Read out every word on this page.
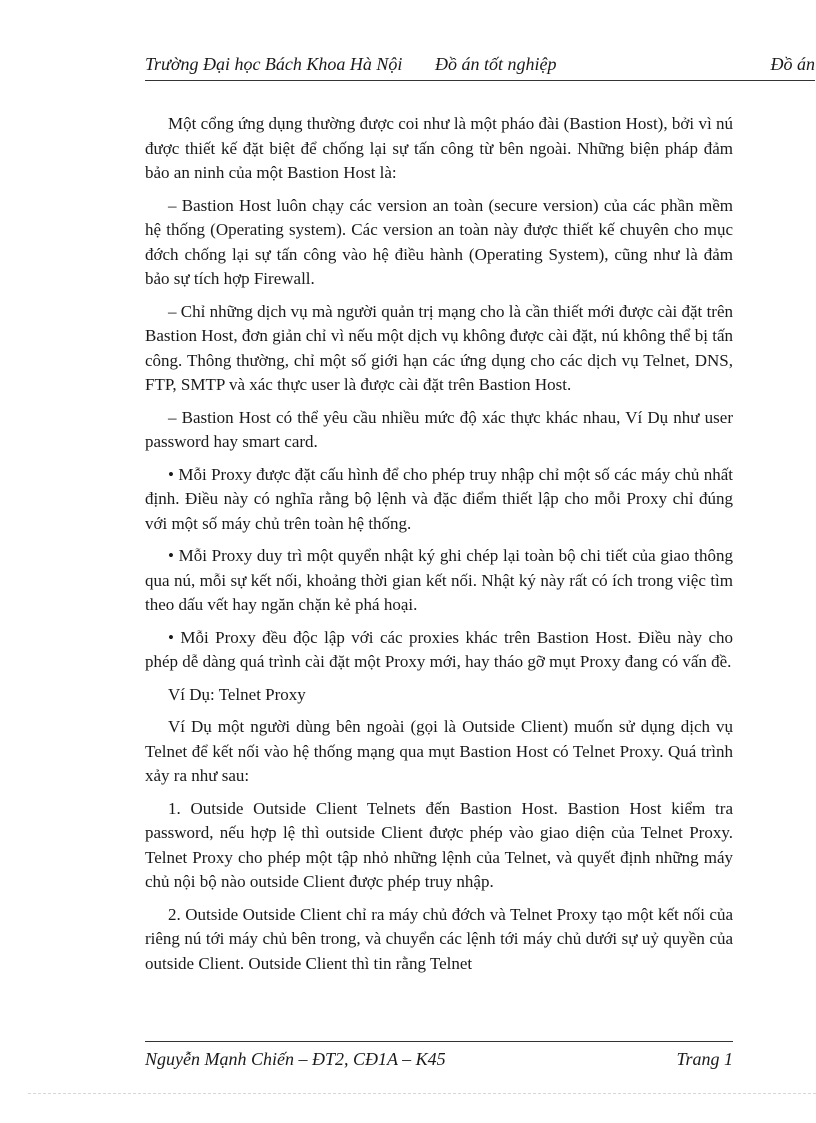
Trường Đại học Bách Khoa Hà Nội Đồ án tốt nghiệp	Đồ án

Một cổng ứng dụng thường được coi như là một pháo đài (Bastion Host), bởi vì nú được thiết kế đặt biệt để chống lại sự tấn công từ bên ngoài. Những biện pháp đảm bảo an ninh của một Bastion Host là:

– Bastion Host luôn chạy các version an toàn (secure version) của các phần mềm hệ thống (Operating system). Các version an toàn này được thiết kế chuyên cho mục đớch chống lại sự tấn công vào hệ điều hành (Operating System), cũng như là đảm bảo sự tích hợp Firewall.

– Chỉ những dịch vụ mà người quản trị mạng cho là cần thiết mới được cài đặt trên Bastion Host, đơn giản chỉ vì nếu một dịch vụ không được cài đặt, nú không thể bị tấn công. Thông thường, chỉ một số giới hạn các ứng dụng cho các dịch vụ Telnet, DNS, FTP, SMTP và xác thực user là được cài đặt trên Bastion Host.

– Bastion Host có thể yêu cầu nhiều mức độ xác thực khác nhau, Ví Dụ như user password hay smart card.

• Mỗi Proxy được đặt cấu hình để cho phép truy nhập chỉ một số các máy chủ nhất định. Điều này có nghĩa rằng bộ lệnh và đặc điểm thiết lập cho mỗi Proxy chỉ đúng với một số máy chủ trên toàn hệ thống.

• Mỗi Proxy duy trì một quyển nhật ký ghi chép lại toàn bộ chi tiết của giao thông qua nú, mỗi sự kết nối, khoảng thời gian kết nối. Nhật ký này rất có ích trong việc tìm theo dấu vết hay ngăn chặn kẻ phá hoại.

• Mỗi Proxy đều độc lập với các proxies khác trên Bastion Host. Điều này cho phép dễ dàng quá trình cài đặt một Proxy mới, hay tháo gỡ mụt Proxy đang có vấn đề.

Ví Dụ: Telnet Proxy

Ví Dụ một người dùng bên ngoài (gọi là Outside Client) muốn sử dụng dịch vụ Telnet để kết nối vào hệ thống mạng qua mụt Bastion Host có Telnet Proxy. Quá trình xảy ra như sau:

1. Outside Outside Client Telnets đến Bastion Host. Bastion Host kiểm tra password, nếu hợp lệ thì outside Client được phép vào giao diện của Telnet Proxy. Telnet Proxy cho phép một tập nhỏ những lệnh của Telnet, và quyết định những máy chủ nội bộ nào outside Client được phép truy nhập.

2. Outside Outside Client chỉ ra máy chủ đớch và Telnet Proxy tạo một kết nối của riêng nú tới máy chủ bên trong, và chuyển các lệnh tới máy chủ dưới sự uỷ quyền của outside Client. Outside Client thì tin rằng Telnet

Nguyễn Mạnh Chiến – ĐT2, CĐ1A – K45	Trang 1
